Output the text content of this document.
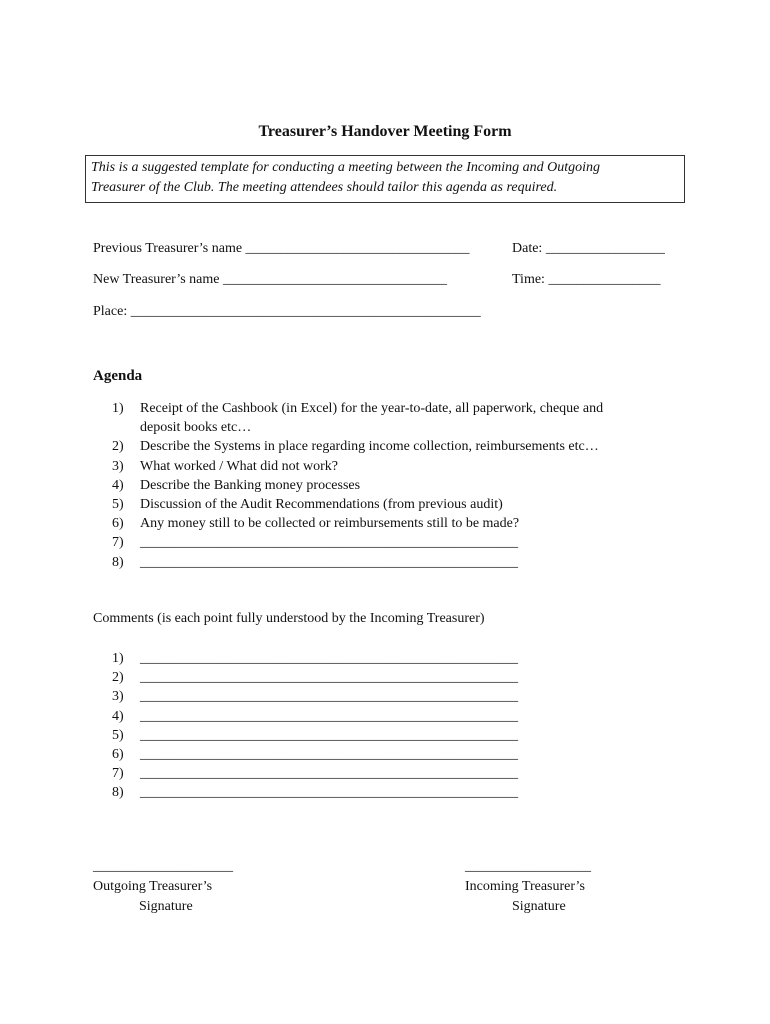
Treasurer’s Handover Meeting Form
This is a suggested template for conducting a meeting between the Incoming and Outgoing
Treasurer of the Club. The meeting attendees should tailor this agenda as required.
Previous Treasurer’s name ________________________________	Date: _________________
New Treasurer’s name ________________________________	Time: ________________
Place: __________________________________________________
Agenda
1)	Receipt of the Cashbook (in Excel) for the year-to-date, all paperwork, cheque and
deposit books etc…
2)	Describe the Systems in place regarding income collection, reimbursements etc…
3)	What worked / What did not work?
4)	Describe the Banking money processes
5)	Discussion of the Audit Recommendations (from previous audit)
6)	Any money still to be collected or reimbursements still to be made?
7)	______________________________________________________
8)	______________________________________________________
Comments (is each point fully understood by the Incoming Treasurer)
1)	______________________________________________________
2)	______________________________________________________
3)	______________________________________________________
4)	______________________________________________________
5)	______________________________________________________
6)	______________________________________________________
7)	______________________________________________________
8)	______________________________________________________
____________________
Outgoing Treasurer’s
Signature
__________________
Incoming Treasurer’s
Signature
